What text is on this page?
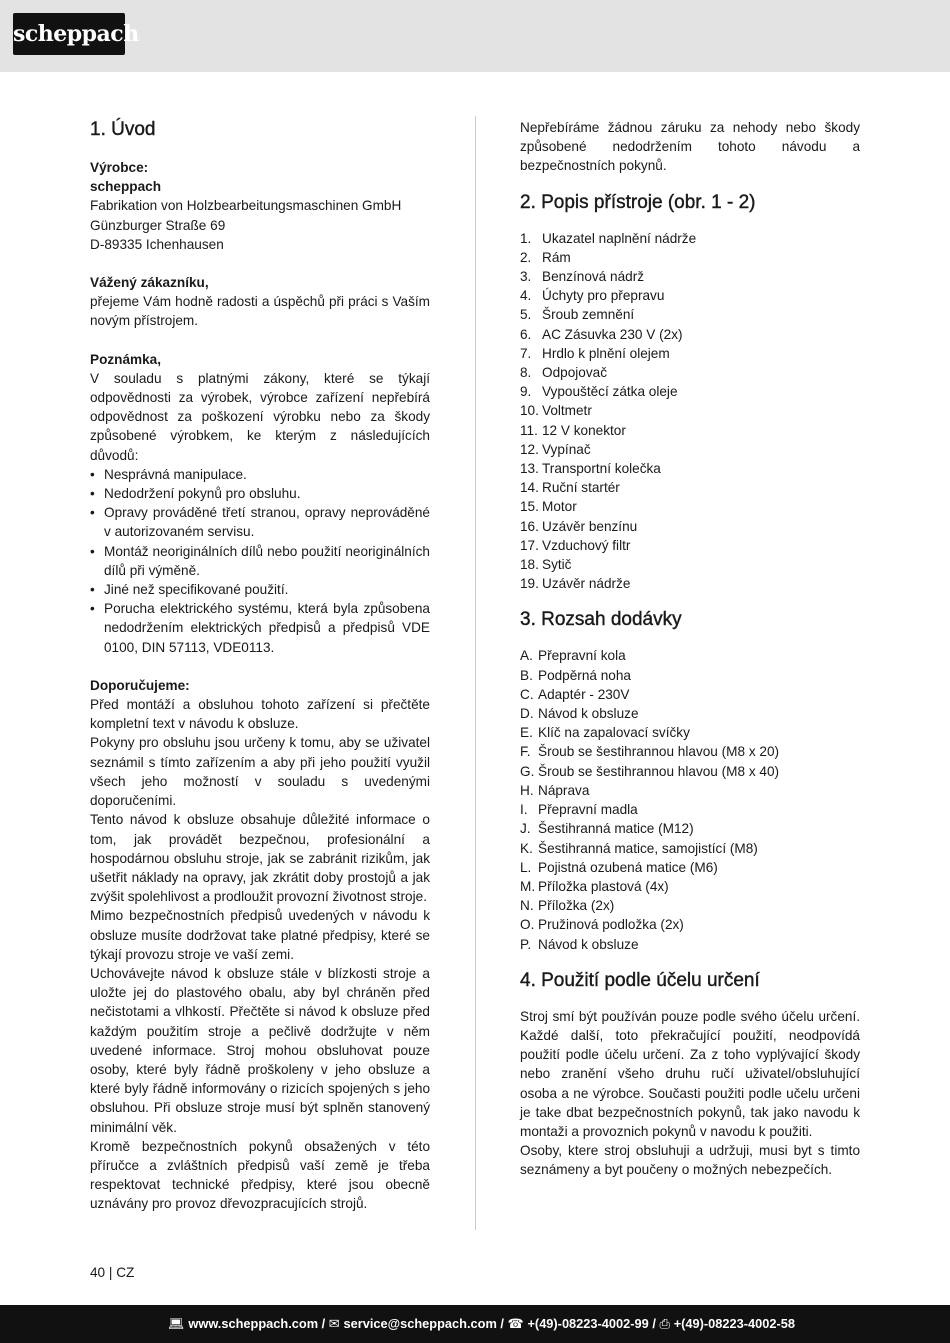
scheppach
1. Úvod

Výrobce:

scheppach

Fabrikation von Holzbearbeitungsmaschinen GmbH

Günzburger Straße 69

D-89335 Ichenhausen

Vážený zákazníku,

přejeme Vám hodně radosti a úspěchů při práci s Vaším novým přístrojem.

Poznámka,

V souladu s platnými zákony, které se týkají odpovědnosti za výrobek, výrobce zařízení nepřebírá odpovědnost za poškození výrobku nebo za škody způsobené výrobkem, ke kterým z následujících důvodů:

• Nesprávná manipulace.
• Nedodržení pokynů pro obsluhu.
• Opravy prováděné třetí stranou, opravy neprováděné v autorizovaném servisu.
• Montáž neoriginálních dílů nebo použití neoriginálních dílů při výměně.
• Jiné než specifikované použití.
• Porucha elektrického systému, která byla způsobena nedodržením elektrických předpisů a předpisů VDE 0100, DIN 57113, VDE0113.

Doporučujeme:

Před montáží a obsluhou tohoto zařízení si přečtěte kompletní text v návodu k obsluze.

Pokyny pro obsluhu jsou určeny k tomu, aby se uživatel seznámil s tímto zařízením a aby při jeho použití využil všech jeho možností v souladu s uvedenými doporučeními.

Tento návod k obsluze obsahuje důležité informace o tom, jak provádět bezpečnou, profesionální a hospodárnou obsluhu stroje, jak se zabránit rizikům, jak ušetřit náklady na opravy, jak zkrátit doby prostojů a jak zvýšit spolehlivost a prodloužit provozní životnost stroje.

Mimo bezpečnostních předpisů uvedených v návodu k obsluze musíte dodržovat take platné předpisy, které se týkají provozu stroje ve vaší zemi.

Uchovávejte návod k obsluze stále v blízkosti stroje a uložte jej do plastového obalu, aby byl chráněn před nečistotami a vlhkostí. Přečtěte si návod k obsluze před každým použitím stroje a pečlivě dodržujte v něm uvedené informace. Stroj mohou obsluhovat pouze osoby, které byly řádně proškoleny v jeho obsluze a které byly řádně informovány o rizicích spojených s jeho obsluhou. Při obsluze stroje musí být splněn stanovený minimální věk.

Kromě bezpečnostních pokynů obsažených v této příručce a zvláštních předpisů vaší země je třeba respektovat technické předpisy, které jsou obecně uznávány pro provoz dřevozpracujících strojů.

Nepřebíráme žádnou záruku za nehody nebo škody způsobené nedodržením tohoto návodu a bezpečnostních pokynů.

2. Popis přístroje (obr. 1 - 2)
1. Ukazatel naplnění nádrže
2. Rám
3. Benzínová nádrž
4. Úchyty pro přepravu
5. Šroub zemnění
6. AC Zásuvka 230 V (2x)
7. Hrdlo k plnění olejem
8. Odpojovač
9. Vypouštěcí zátka oleje
10. Voltmetr
11. 12 V konektor
12. Vypínač
13. Transportní kolečka
14. Ruční startér
15. Motor
16. Uzávěr benzínu
17. Vzduchový filtr
18. Sytič
19. Uzávěr nádrže
3. Rozsah dodávky
A. Přepravní kola
B. Podpěrná noha
C. Adaptér - 230V
D. Návod k obsluze
E. Klíč na zapalovací svíčky
F. Šroub se šestihrannou hlavou (M8 x 20)
G. Šroub se šestihrannou hlavou (M8 x 40)
H. Náprava
I. Přepravní madla
J. Šestihranná matice (M12)
K. Šestihranná matice, samojistící (M8)
L. Pojistná ozubená matice (M6)
M. Příložka plastová (4x)
N. Příložka (2x)
O. Pružinová podložka (2x)
P. Návod k obsluze
4. Použití podle účelu určení

Stroj smí být používán pouze podle svého účelu určení. Každé další, toto překračující použití, neodpovídá použití podle účelu určení. Za z toho vyplývající škody nebo zranění všeho druhu ručí uživatel/obsluhující osoba a ne výrobce. Současti použiti podle učelu určeni je take dbat bezpečnostních pokynů, tak jako navodu k montaži a provoznich pokynů v navodu k použiti.

Osoby, ktere stroj obsluhuji a udržuji, musi byt s timto seznámeny a byt poučeny o možných nebezpečích.

40 | CZ
💻︎ www.scheppach.com / ✉︎ service@scheppach.com / ☎︎ +(49)-08223-4002-99 / ⎙ +(49)-08223-4002-58
